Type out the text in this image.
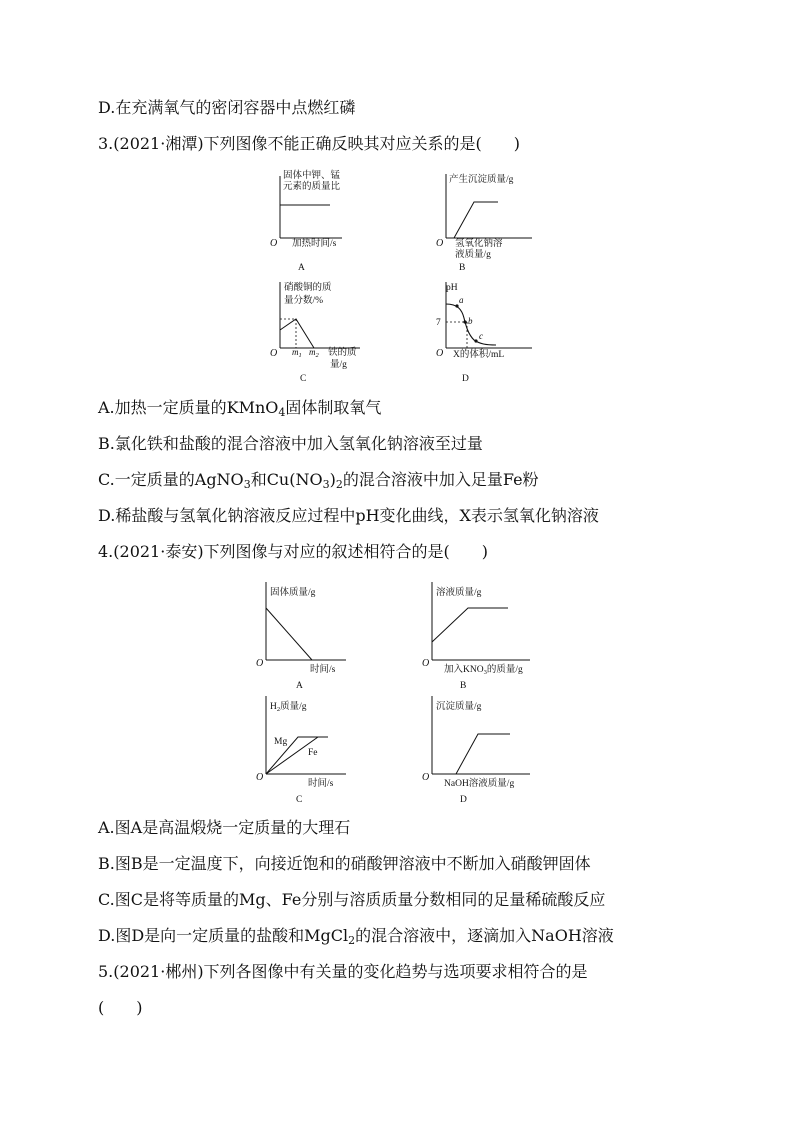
D.在充满氧气的密闭容器中点燃红磷
3.(2021·湘潭)下列图像不能正确反映其对应关系的是(　　)
固体中钾、锰
元素的质量比
O 加热时间/s
A
产生沉淀质量/g
O 氢氧化钠溶
液质量/g
B
硝酸铜的质
量分数/%
O $m_1$ $m_2$ 铁的质
量/g
C
pH
7
a
b
c
O X的体积/mL
D
A.加热一定质量的KMnO$_4$固体制取氧气
B.氯化铁和盐酸的混合溶液中加入氢氧化钠溶液至过量
C.一定质量的AgNO$_3$和$Cu(NO_3)_2$的混合溶液中加入足量Fe粉
D.稀盐酸与氢氧化钠溶液反应过程中pH变化曲线，X表示氢氧化钠溶液
4.(2021·泰安)下列图像与对应的叙述相符合的是(　　)
固体质量/g
O
时间/s
A
溶液质量/g
O
加入$KNO_3$的质量/g
B
$H_2$质量/g
Mg
Fe
O
时间/s
C
沉淀质量/g
O
NaOH溶液质量/g
D
A.图A是高温煅烧一定质量的大理石
B.图B是一定温度下，向接近饱和的硝酸钾溶液中不断加入硝酸钾固体
C.图C是将等质量的Mg、Fe分别与溶质质量分数相同的足量稀硫酸反应
D.图D是向一定质量的盐酸和MgCl$_2$的混合溶液中，逐滴加入NaOH溶液
5.(2021·郴州)下列各图像中有关量的变化趋势与选项要求相符合的是
(　　)
